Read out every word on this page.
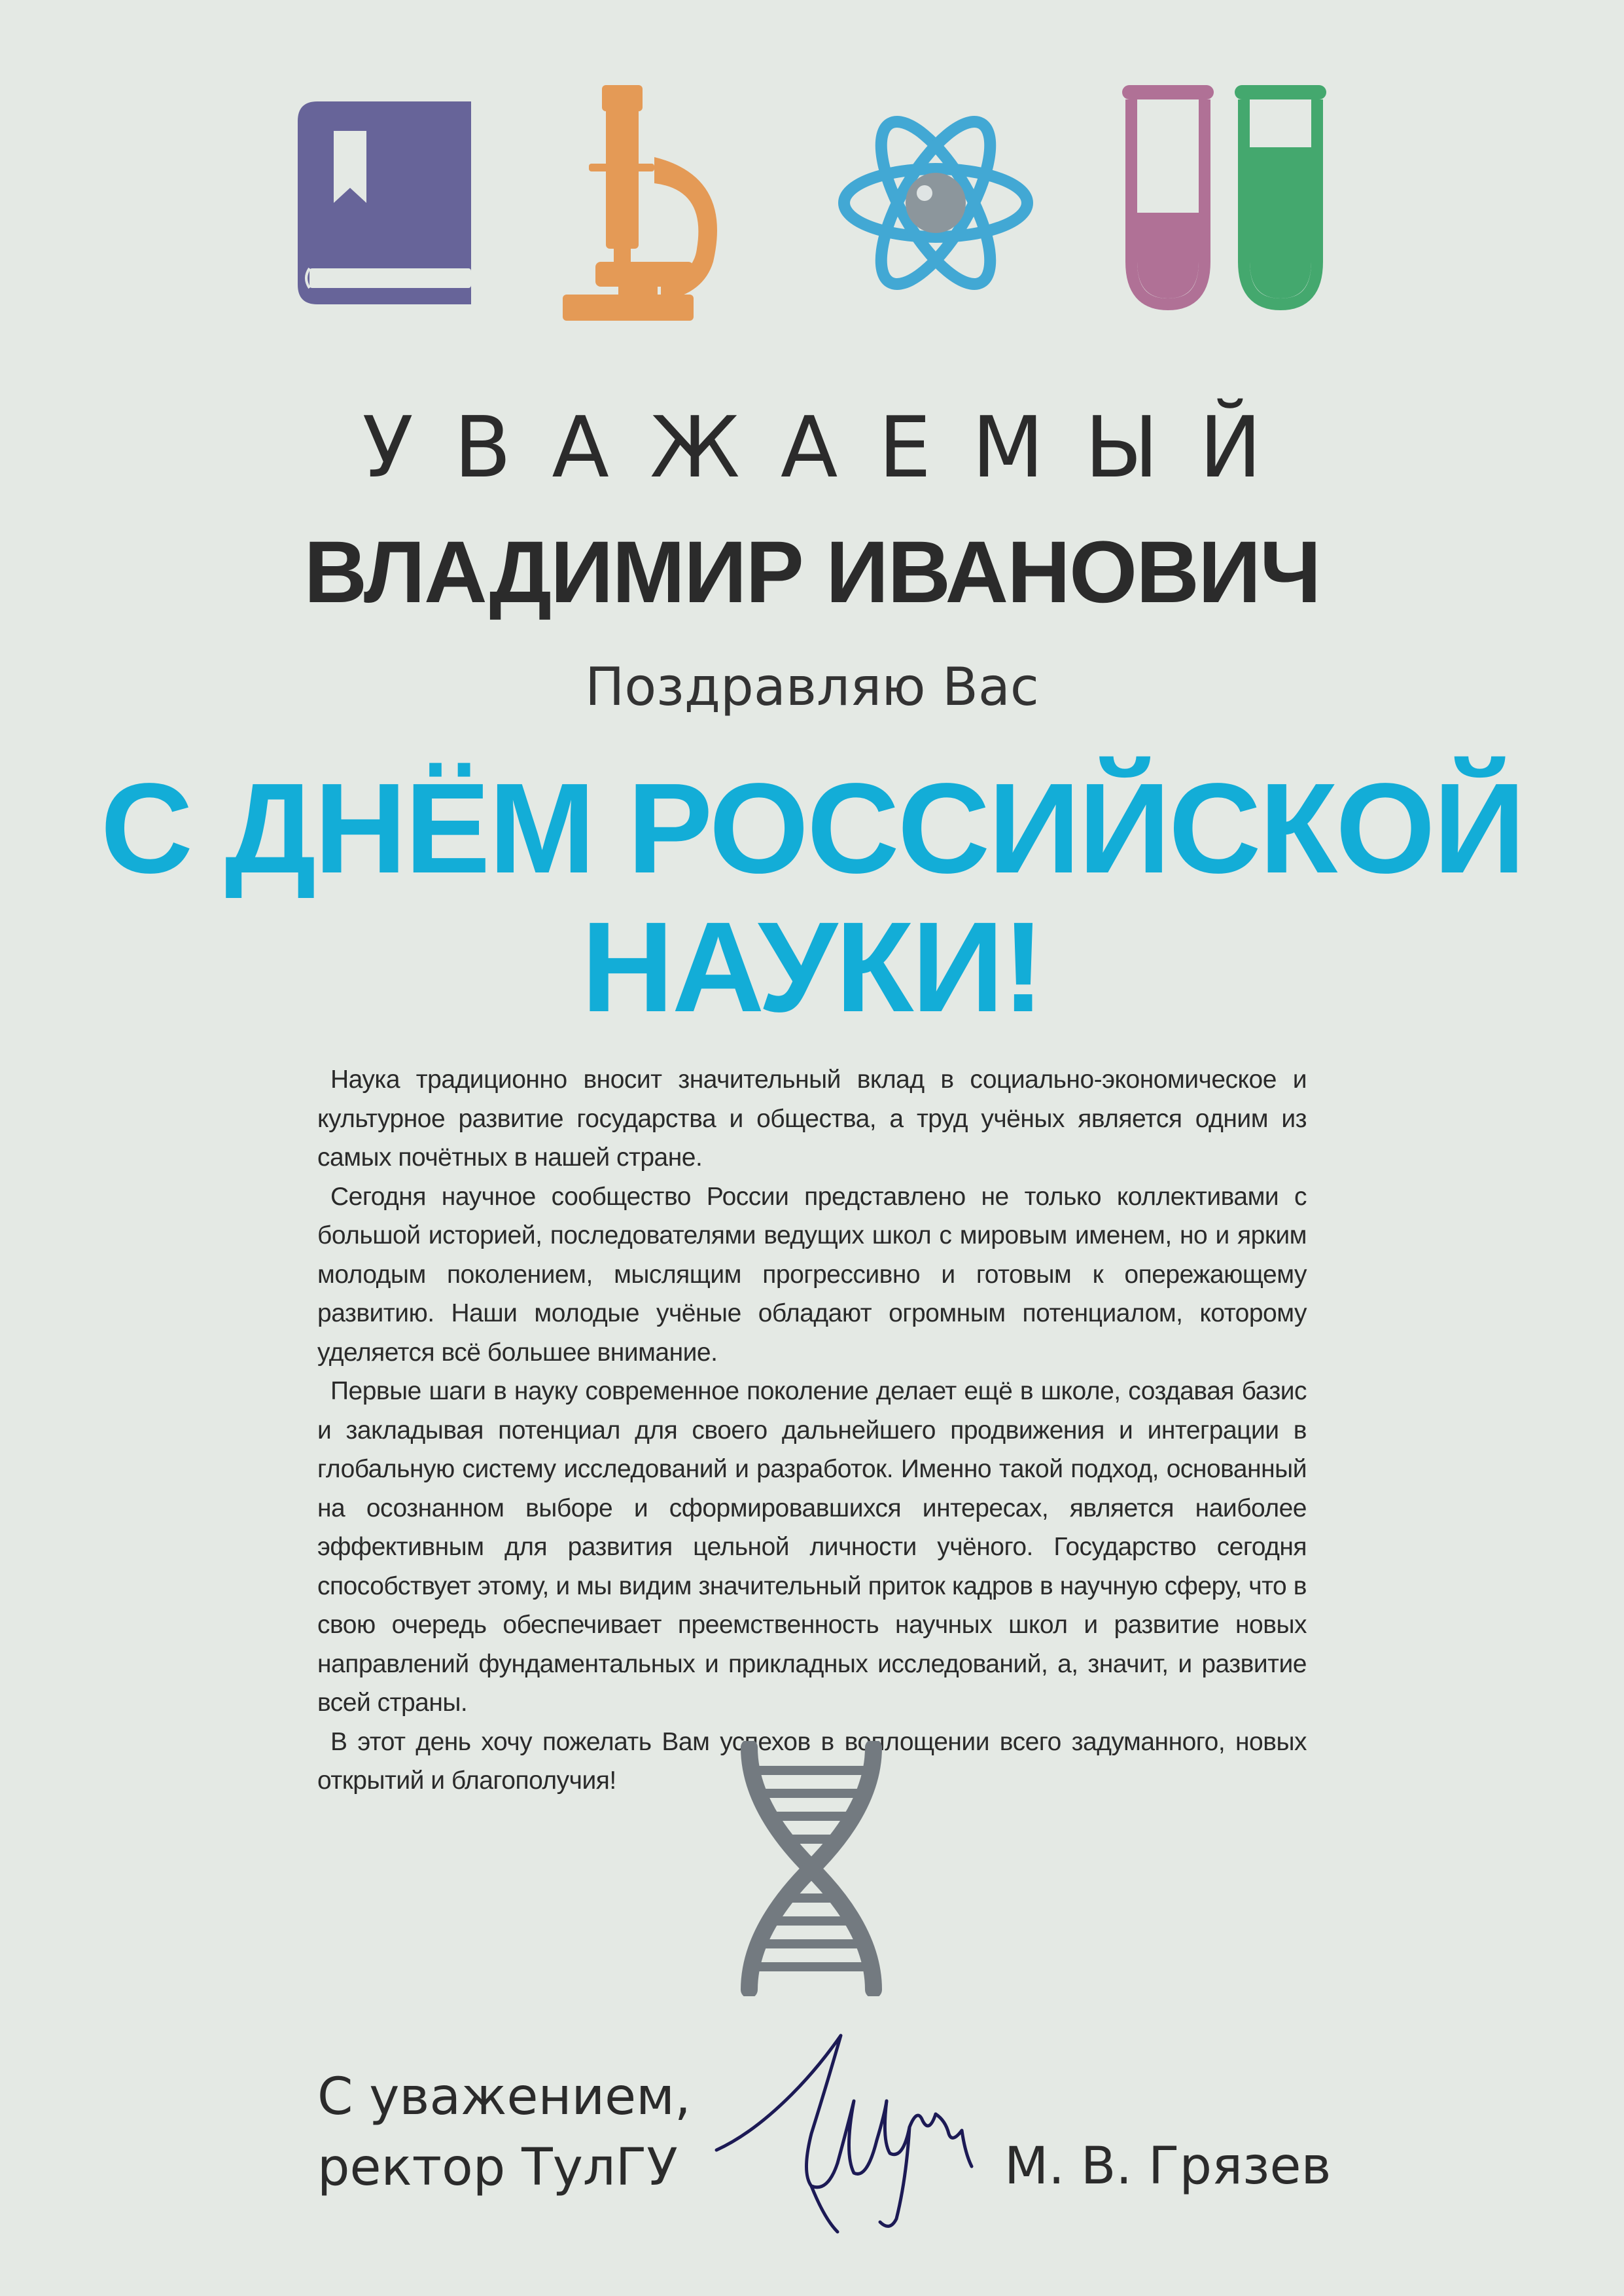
УВАЖАЕМЫЙ
ВЛАДИМИР ИВАНОВИЧ
Поздравляю Вас
С ДНЁМ РОССИЙСКОЙ
НАУКИ!

Наука традиционно вносит значительный вклад в социально-экономическое и культурное развитие государства и общества, а труд учёных является одним из самых почётных в нашей стране.

Сегодня научное сообщество России представлено не только коллективами с большой историей, последователями ведущих школ с мировым именем, но и ярким молодым поколением, мыслящим прогрессивно и готовым к опережающему развитию. Наши молодые учёные обладают огромным потенциалом, которому уделяется всё большее внимание.

Первые шаги в науку современное поколение делает ещё в школе, создавая базис и закладывая потенциал для своего дальнейшего продвижения и интеграции в глобальную систему исследований и разработок. Именно такой подход, основанный на осознанном выборе и сформировавшихся интересах, является наиболее эффективным для развития цельной личности учёного. Государство сегодня способствует этому, и мы видим значительный приток кадров в научную сферу, что в свою очередь обеспечивает преемственность научных школ и развитие новых направлений фундаментальных и прикладных исследований, а, значит, и развитие всей страны.

В этот день хочу пожелать Вам успехов в воплощении всего задуманного, новых открытий и благополучия!

С уважением,
ректор ТулГУ	М. В. Грязев
